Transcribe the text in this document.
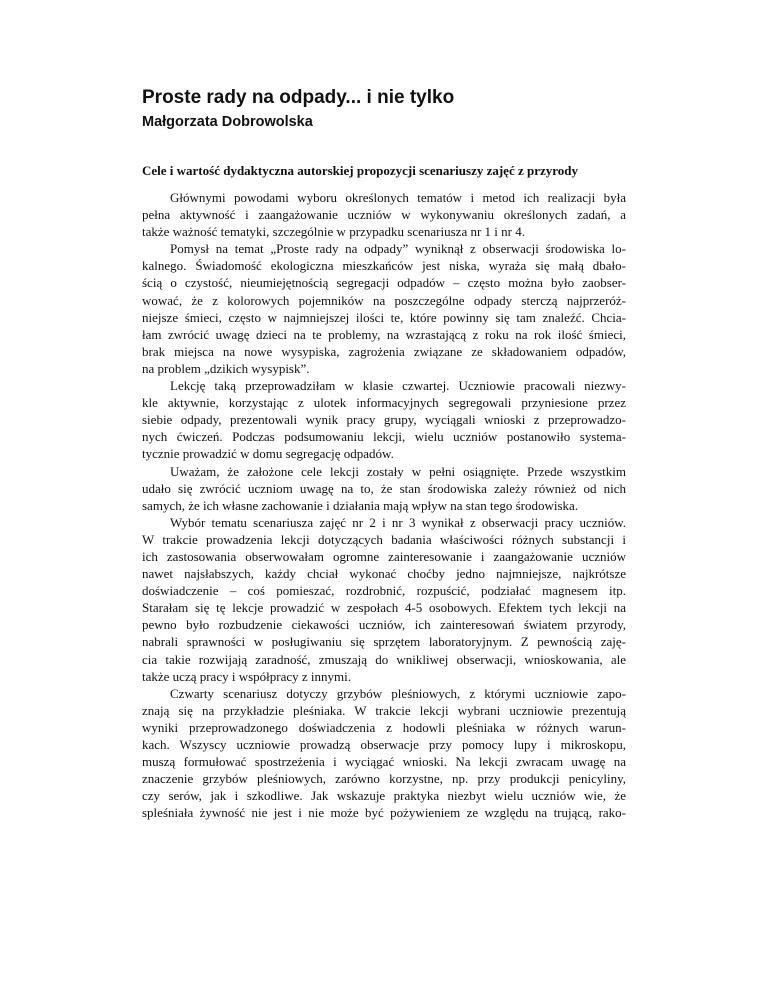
Proste rady na odpady... i nie tylko
Małgorzata Dobrowolska
Cele i wartość dydaktyczna autorskiej propozycji scenariuszy zajęć z przyrody
Głównymi powodami wyboru określonych tematów i metod ich realizacji była
pełna aktywność i zaangażowanie uczniów w wykonywaniu określonych zadań, a
także ważność tematyki, szczególnie w przypadku scenariusza nr 1 i nr 4.
Pomysł na temat „Proste rady na odpady” wyniknął z obserwacji środowiska lo-
kalnego. Świadomość ekologiczna mieszkańców jest niska, wyraża się małą dbało-
ścią o czystość, nieumiejętnością segregacji odpadów – często można było zaobser-
wować, że z kolorowych pojemników na poszczególne odpady sterczą najprzeróż-
niejsze śmieci, często w najmniejszej ilości te, które powinny się tam znaleźć. Chcia-
łam zwrócić uwagę dzieci na te problemy, na wzrastającą z roku na rok ilość śmieci,
brak miejsca na nowe wysypiska, zagrożenia związane ze składowaniem odpadów,
na problem „dzikich wysypisk”.
Lekcję taką przeprowadziłam w klasie czwartej. Uczniowie pracowali niezwy-
kle aktywnie, korzystając z ulotek informacyjnych segregowali przyniesione przez
siebie odpady, prezentowali wynik pracy grupy, wyciągali wnioski z przeprowadzo-
nych ćwiczeń. Podczas podsumowaniu lekcji, wielu uczniów postanowiło systema-
tycznie prowadzić w domu segregację odpadów.
Uważam, że założone cele lekcji zostały w pełni osiągnięte. Przede wszystkim
udało się zwrócić uczniom uwagę na to, że stan środowiska zależy również od nich
samych, że ich własne zachowanie i działania mają wpływ na stan tego środowiska.
Wybór tematu scenariusza zajęć nr 2 i nr 3 wynikał z obserwacji pracy uczniów.
W trakcie prowadzenia lekcji dotyczących badania właściwości różnych substancji i
ich zastosowania obserwowałam ogromne zainteresowanie i zaangażowanie uczniów
nawet najsłabszych, każdy chciał wykonać choćby jedno najmniejsze, najkrótsze
doświadczenie – coś pomieszać, rozdrobnić, rozpuścić, podziałać magnesem itp.
Starałam się tę lekcje prowadzić w zespołach 4-5 osobowych. Efektem tych lekcji na
pewno było rozbudzenie ciekawości uczniów, ich zainteresowań światem przyrody,
nabrali sprawności w posługiwaniu się sprzętem laboratoryjnym. Z pewnością zaję-
cia takie rozwijają zaradność, zmuszają do wnikliwej obserwacji, wnioskowania, ale
także uczą pracy i współpracy z innymi.
Czwarty scenariusz dotyczy grzybów pleśniowych, z którymi uczniowie zapo-
znają się na przykładzie pleśniaka. W trakcie lekcji wybrani uczniowie prezentują
wyniki przeprowadzonego doświadczenia z hodowli pleśniaka w różnych warun-
kach. Wszyscy uczniowie prowadzą obserwacje przy pomocy lupy i mikroskopu,
muszą formułować spostrzeżenia i wyciągać wnioski. Na lekcji zwracam uwagę na
znaczenie grzybów pleśniowych, zarówno korzystne, np. przy produkcji penicyliny,
czy serów, jak i szkodliwe. Jak wskazuje praktyka niezbyt wielu uczniów wie, że
spleśniała żywność nie jest i nie może być pożywieniem ze względu na trującą, rako-
